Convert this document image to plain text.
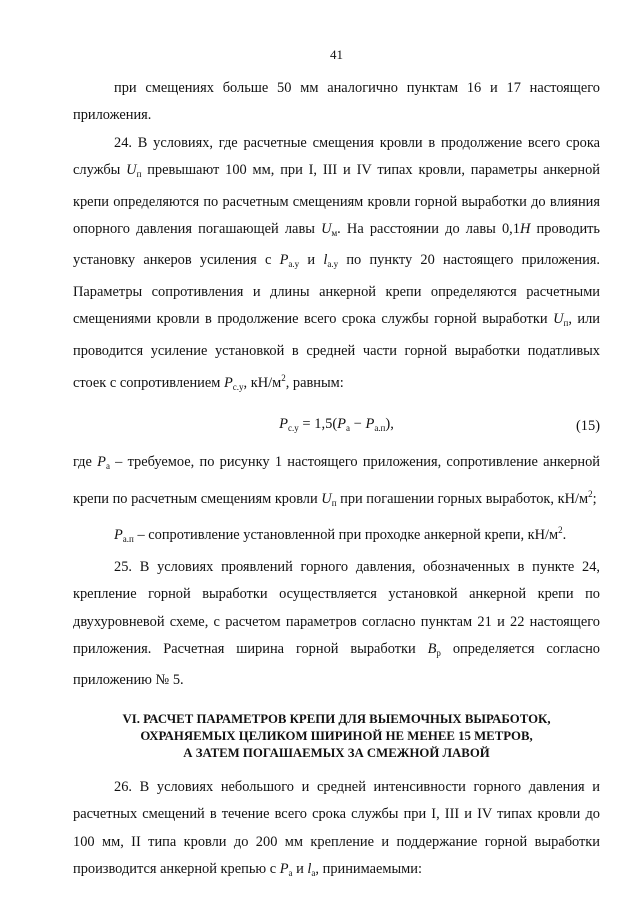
41

при смещениях больше 50 мм аналогично пунктам 16 и 17 настоящего приложения.

24. В условиях, где расчетные смещения кровли в продолжение всего срока службы $U_п$ превышают 100 мм, при I, III и IV типах кровли, параметры анкерной крепи определяются по расчетным смещениям кровли горной выработки до влияния опорного давления погашающей лавы $U_м$. На расстоянии до лавы 0,1H проводить установку анкеров усиления с $P_{а.у}$ и $l_{а.у}$ по пункту 20 настоящего приложения. Параметры сопротивления и длины анкерной крепи определяются расчетными смещениями кровли в продолжение всего срока службы горной выработки $U_п$, или проводится усиление установкой в средней части горной выработки податливых стоек с сопротивлением $P_{с.у}$, $кН/м^2$, равным:

$P_{с.у} = 1,5(P_а - P_{а.п})$,	(15)

где $P_а$ – требуемое, по рисунку 1 настоящего приложения, сопротивление анкерной крепи по расчетным смещениям кровли $U_п$ при погашении горных выработок, $кН/м^2$;

$P_{а.п}$ – сопротивление установленной при проходке анкерной крепи, $кН/м^2$.

25. В условиях проявлений горного давления, обозначенных в пункте 24, крепление горной выработки осуществляется установкой анкерной крепи по двухуровневой схеме, с расчетом параметров согласно пунктам 21 и 22 настоящего приложения. Расчетная ширина горной выработки $B_р$ определяется согласно приложению № 5.

VI. РАСЧЕТ ПАРАМЕТРОВ КРЕПИ ДЛЯ ВЫЕМОЧНЫХ ВЫРАБОТОК,
ОХРАНЯЕМЫХ ЦЕЛИКОМ ШИРИНОЙ НЕ МЕНЕЕ 15 МЕТРОВ,
А ЗАТЕМ ПОГАШАЕМЫХ ЗА СМЕЖНОЙ ЛАВОЙ

26. В условиях небольшого и средней интенсивности горного давления и расчетных смещений в течение всего срока службы при I, III и IV типах кровли до 100 мм, II типа кровли до 200 мм крепление и поддержание горной выработки производится анкерной крепью с $P_а$ и $l_а$, принимаемыми:
